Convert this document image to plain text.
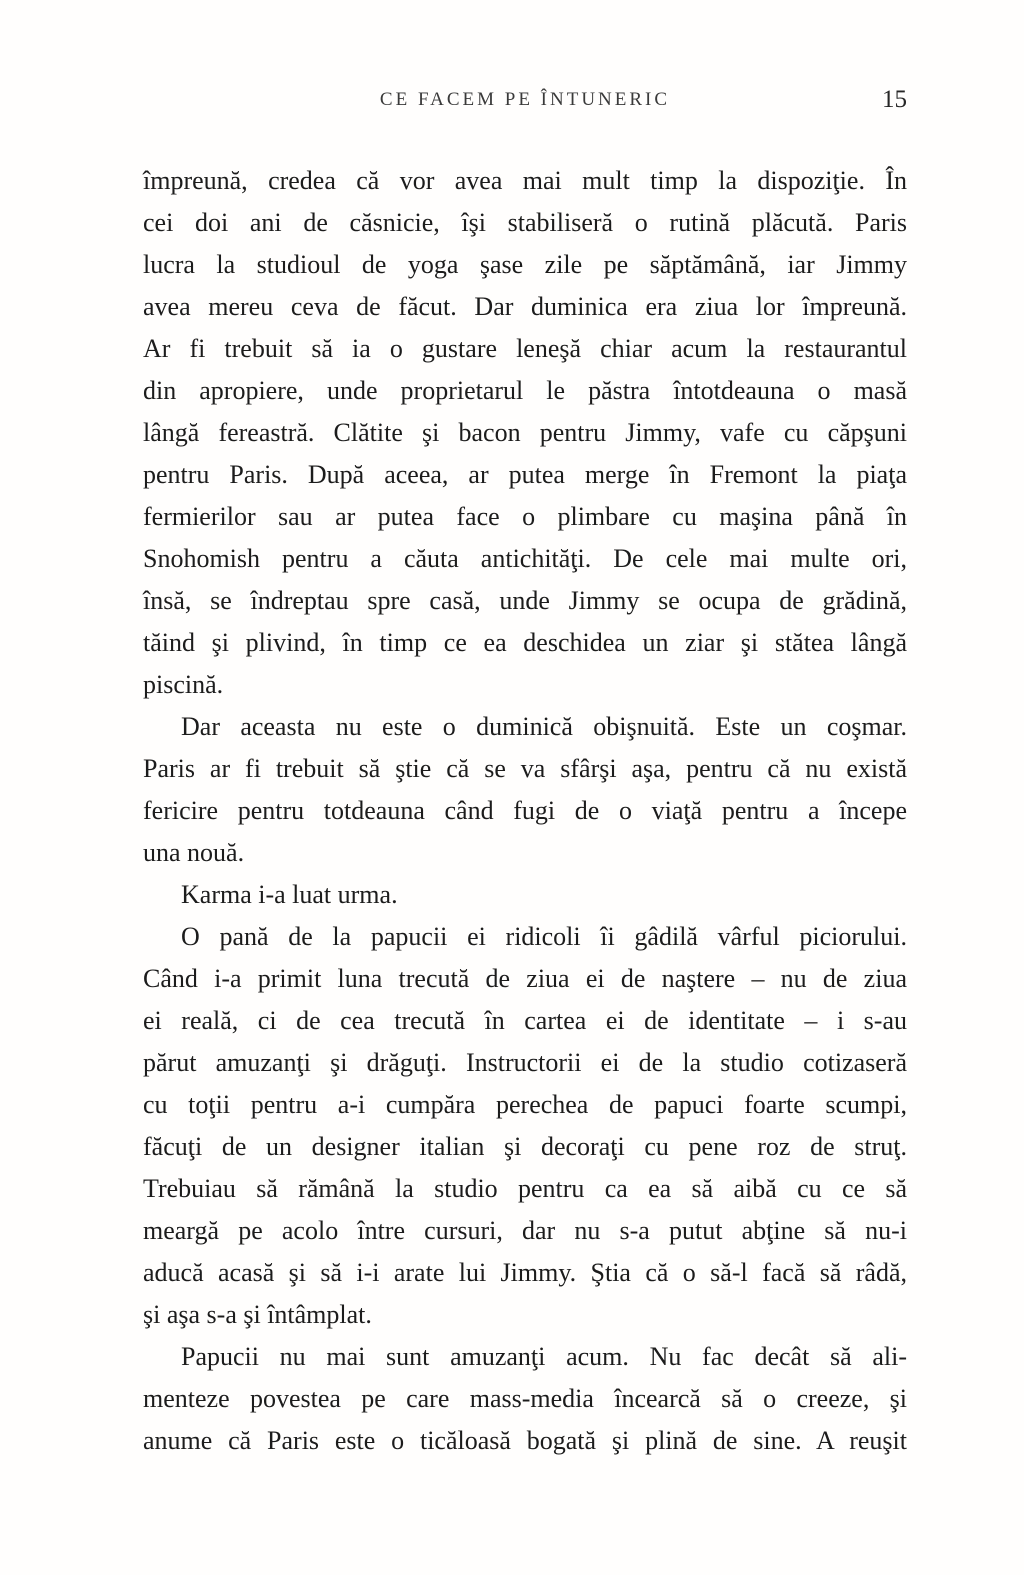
CE FACEM PE ÎNTUNERIC	15
împreună, credea că vor avea mai mult timp la dispoziţie. În
cei doi ani de căsnicie, îşi stabiliseră o rutină plăcută. Paris
lucra la studioul de yoga şase zile pe săptămână, iar Jimmy
avea mereu ceva de făcut. Dar duminica era ziua lor împreună.
Ar fi trebuit să ia o gustare leneşă chiar acum la restaurantul
din apropiere, unde proprietarul le păstra întotdeauna o masă
lângă fereastră. Clătite şi bacon pentru Jimmy, vafe cu căpşuni
pentru Paris. După aceea, ar putea merge în Fremont la piaţa
fermierilor sau ar putea face o plimbare cu maşina până în
Snohomish pentru a căuta antichităţi. De cele mai multe ori,
însă, se îndreptau spre casă, unde Jimmy se ocupa de grădină,
tăind şi plivind, în timp ce ea deschidea un ziar şi stătea lângă
piscină.
Dar aceasta nu este o duminică obişnuită. Este un coşmar.
Paris ar fi trebuit să ştie că se va sfârşi aşa, pentru că nu există
fericire pentru totdeauna când fugi de o viaţă pentru a începe
una nouă.
Karma i-a luat urma.
O pană de la papucii ei ridicoli îi gâdilă vârful piciorului.
Când i-a primit luna trecută de ziua ei de naştere – nu de ziua
ei reală, ci de cea trecută în cartea ei de identitate – i s-au
părut amuzanţi şi drăguţi. Instructorii ei de la studio cotizaseră
cu toţii pentru a-i cumpăra perechea de papuci foarte scumpi,
făcuţi de un designer italian şi decoraţi cu pene roz de struţ.
Trebuiau să rămână la studio pentru ca ea să aibă cu ce să
meargă pe acolo între cursuri, dar nu s-a putut abţine să nu-i
aducă acasă şi să i-i arate lui Jimmy. Ştia că o să-l facă să râdă,
şi aşa s-a şi întâmplat.
Papucii nu mai sunt amuzanţi acum. Nu fac decât să ali-
menteze povestea pe care mass-media încearcă să o creeze, şi
anume că Paris este o ticăloasă bogată şi plină de sine. A reuşit
